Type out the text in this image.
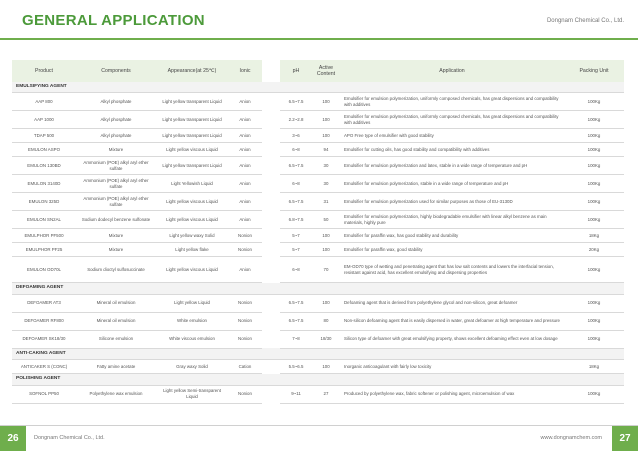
GENERAL APPLICATION	Dongnam Chemical Co., Ltd.
Product	Components	Appearance(at 25℃)	Ionic		pH	Active Content	Application	Packing Unit
EMULSIFYING AGENT								
AAP 800	Alkyl phosphate	Light yellow transparent Liquid	Anion		6.5~7.5	100	Emulsifier for emulsion polymerization, uniformly composed chemicals, has great dispersions and compatibility with additives	100Kg
AAP 1000	Alkyl phosphate	Light yellow transparent Liquid	Anion		2.2~2.8	100	Emulsifier for emulsion polymerization, uniformly composed chemicals, has great dispersions and compatibility with additives	100Kg
TDAP 500	Alkyl phosphate	Light yellow transparent Liquid	Anion		3~6	100	APO Free type of emulsifier with good stability	100Kg
EMULON ASPO	Mixture	Light yellow viscous Liquid	Anion		6~8	94	Emulsifier for cutting oils, has good stability and compatibility with additives	100Kg
EMULON 130BD	Ammonium (POE) alkyl aryl ether sulfate	Light yellow transparent Liquid	Anion		6.5~7.5	30	Emulsifier for emulsion polymerization and latex, stable in a wide range of temperature and pH	100Kg
EMULON 3140D	Ammonium (POE) alkyl aryl ether sulfate	Light Yellowish Liquid	Anion		6~8	30	Emulsifier for emulsion polymerization, stable in a wide range of temperature and pH	100Kg
EMULON 325D	Ammonium (POE) alkyl aryl ether sulfate	Light yellow viscous Liquid	Anion		6.5~7.5	31	Emulsifier for emulsion polymerization used for similar purposes as those of EU-3130D	100Kg
EMULON SN2AL	Sodium dodecyl benzene sulfonate	Light yellow viscous Liquid	Anion		6.8~7.5	50	Emulsifier for emulsion polymerization, highly biodegradable emulsifier with linear alkyl benzene as main materials, highly pure	100Kg
EMULPHOR PF500	Mixture	Light yellow waxy Solid	Nonion		5~7	100	Emulsifier for paraffin wax, has good stability and durability	18Kg
EMULPHOR PF25	Mixture	Light yellow flake	Nonion		5~7	100	Emulsifier for paraffin wax, good stability	20Kg
EMULON OD70L	Sodium dioctyl sulfosuccinate	Light yellow viscous Liquid	Anion		6~8	70	EM-OD70 type of wetting and penetrating agent that has low salt contents and lowers the interfacial tension, resistant against acid, has excellent emulsifying and dispersing properties	100Kg
DEFOAMING AGENT								
DEFOAMER AT3	Mineral oil emulsion	Light yellow Liquid	Nonion		6.5~7.5	100	Defoaming agent that is derived from polyethylene glycol and non-silicon, great defoamer	100Kg
DEFOAMER RF800	Mineral oil emulsion	White emulsion	Nonion		6.5~7.5	80	Non-silicon defoaming agent that is easily dispersed in water, great defoamer at high temperature and pressure	100Kg
DEFOAMER SK18/30	Silicone emulsion	White viscous emulsion	Nonion		7~8	18/30	Silicon type of defoamer with great emulsifying property, shows excellent defoaming effect even at low dosage	100Kg
ANTI-CAKING AGENT								
ANTICAKER S (CONC)	Fatty amine acetate	Gray waxy Solid	Cation		5.5~6.5	100	Inorganic anticoagulant with fairly low toxicity	18Kg
POLISHING AGENT								
SOFNOL PP50	Polyethylene wax emulsion	Light yellow Semi-transparent Liquid	Nonion		9~11	27	Produced by polyethylene wax, fabric softener or polishing agent, microemulsion of wax	100Kg
26	Dongnam Chemical Co., Ltd.	www.dongnamchem.com	27
